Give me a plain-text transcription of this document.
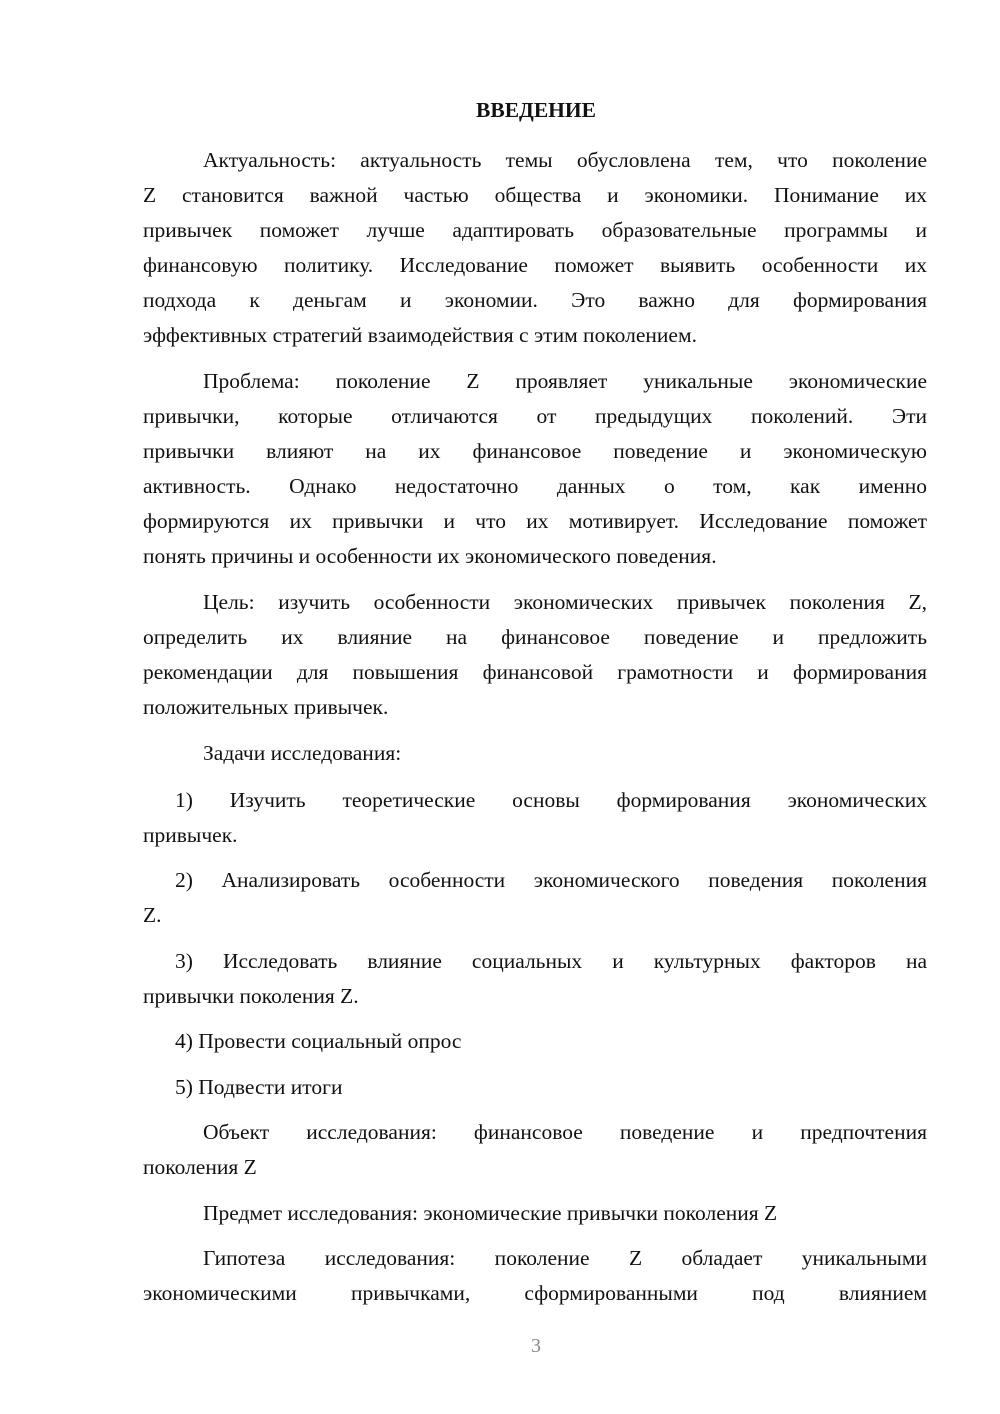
ВВЕДЕНИЕ
Актуальность: актуальность темы обусловлена тем, что поколение
Z становится важной частью общества и экономики. Понимание их
привычек поможет лучше адаптировать образовательные программы и
финансовую политику. Исследование поможет выявить особенности их
подхода к деньгам и экономии. Это важно для формирования
эффективных стратегий взаимодействия с этим поколением.
Проблема: поколение Z проявляет уникальные экономические
привычки, которые отличаются от предыдущих поколений. Эти
привычки влияют на их финансовое поведение и экономическую
активность. Однако недостаточно данных о том, как именно
формируются их привычки и что их мотивирует. Исследование поможет
понять причины и особенности их экономического поведения.
Цель: изучить особенности экономических привычек поколения Z,
определить их влияние на финансовое поведение и предложить
рекомендации для повышения финансовой грамотности и формирования
положительных привычек.
Задачи исследования:
1) Изучить теоретические основы формирования экономических
привычек.
2) Анализировать особенности экономического поведения поколения
Z.
3) Исследовать влияние социальных и культурных факторов на
привычки поколения Z.
4) Провести социальный опрос
5) Подвести итоги
Объект исследования: финансовое поведение и предпочтения
поколения Z
Предмет исследования: экономические привычки поколения Z
Гипотеза исследования: поколение Z обладает уникальными
экономическими привычками, сформированными под влиянием
3
